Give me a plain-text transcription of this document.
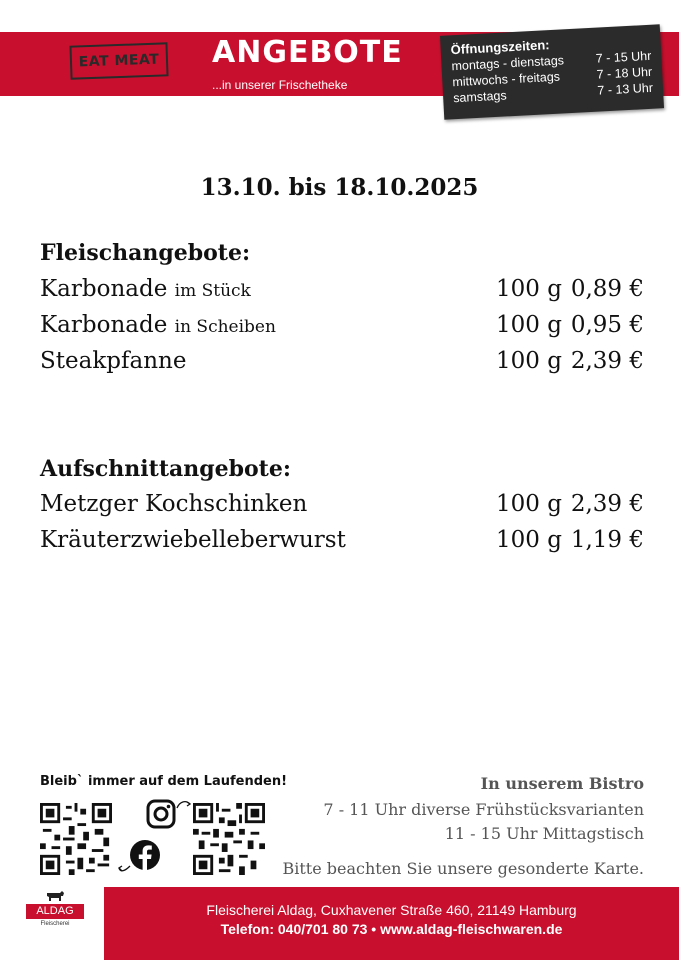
EAT MEAT	ANGEBOTE
...in unserer Frischetheke
Öffnungszeiten:
montags - dienstags 7 - 15 Uhr
mittwochs - freitags	7 - 18 Uhr
samstags	7 - 13 Uhr
13.10. bis 18.10.2025
Fleischangebote:
Karbonade im Stück	100 g 0,89 €
Karbonade in Scheiben	100 g 0,95 €
Steakpfanne	100 g 2,39 €
Aufschnittangebote:
Metzger Kochschinken	100 g 2,39 €
Kräuterzwiebelleberwurst	100 g 1,19 €
Bleib` immer auf dem Laufenden!	In unserem Bistro
7 - 11 Uhr diverse Frühstücksvarianten
11 - 15 Uhr Mittagstisch
Bitte beachten Sie unsere gesonderte Karte.
ALDAG
Fleischerei
Fleischerei Aldag, Cuxhavener Straße 460, 21149 Hamburg
Telefon: 040/701 80 73 • www.aldag-fleischwaren.de
